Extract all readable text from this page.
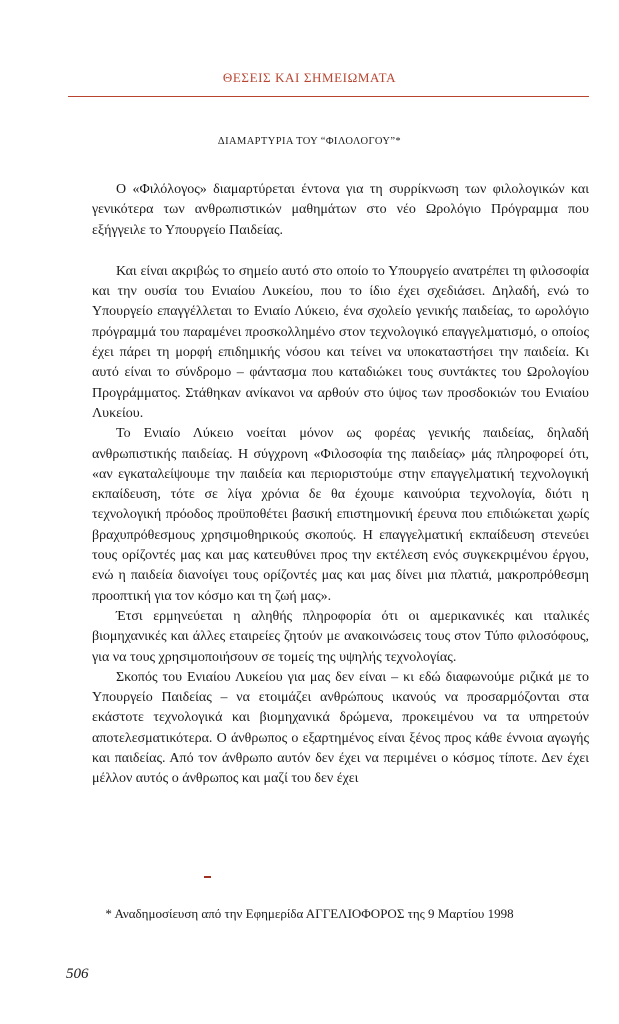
ΘΕΣΕΙΣ ΚΑΙ ΣΗΜΕΙΩΜΑΤΑ
ΔΙΑΜΑΡΤΥΡΙΑ ΤΟΥ “ΦΙΛΟΛΟΓΟΥ”*

Ο «Φιλόλογος» διαμαρτύρεται έντονα για τη συρρίκνωση των φιλολογικών και γενικότερα των ανθρωπιστικών μαθημάτων στο νέο Ωρολόγιο Πρόγραμμα που εξήγγειλε το Υπουργείο Παιδείας.

Και είναι ακριβώς το σημείο αυτό στο οποίο το Υπουργείο ανατρέπει τη φιλοσοφία και την ουσία του Ενιαίου Λυκείου, που το ίδιο έχει σχεδιάσει. Δηλαδή, ενώ το Υπουργείο επαγγέλλεται το Ενιαίο Λύκειο, ένα σχολείο γενικής παιδείας, το ωρολόγιο πρόγραμμά του παραμένει προσκολλημένο στον τεχνολογικό επαγγελματισμό, ο οποίος έχει πάρει τη μορφή επιδημικής νόσου και τείνει να υποκαταστήσει την παιδεία. Κι αυτό είναι το σύνδρομο – φάντασμα που καταδιώκει τους συντάκτες του Ωρολογίου Προγράμματος. Στάθηκαν ανίκανοι να αρθούν στο ύψος των προσδοκιών του Ενιαίου Λυκείου.

Το Ενιαίο Λύκειο νοείται μόνον ως φορέας γενικής παιδείας, δηλαδή ανθρωπιστικής παιδείας. Η σύγχρονη «Φιλοσοφία της παιδείας» μάς πληροφορεί ότι, «αν εγκαταλείψουμε την παιδεία και περιοριστούμε στην επαγγελματική τεχνολογική εκπαίδευση, τότε σε λίγα χρόνια δε θα έχουμε καινούρια τεχνολογία, διότι η τεχνολογική πρόοδος προϋποθέτει βασική επιστημονική έρευνα που επιδιώκεται χωρίς βραχυπρόθεσμους χρησιμοθηρικούς σκοπούς. Η επαγγελματική εκπαίδευση στενεύει τους ορίζοντές μας και μας κατευθύνει προς την εκτέλεση ενός συγκεκριμένου έργου, ενώ η παιδεία διανοίγει τους ορίζοντές μας και μας δίνει μια πλατιά, μακροπρόθεσμη προοπτική για τον κόσμο και τη ζωή μας».

Έτσι ερμηνεύεται η αληθής πληροφορία ότι οι αμερικανικές και ιταλικές βιομηχανικές και άλλες εταιρείες ζητούν με ανακοινώσεις τους στον Τύπο φιλοσόφους, για να τους χρησιμοποιήσουν σε τομείς της υψηλής τεχνολογίας.

Σκοπός του Ενιαίου Λυκείου για μας δεν είναι – κι εδώ διαφωνούμε ριζικά με το Υπουργείο Παιδείας – να ετοιμάζει ανθρώπους ικανούς να προσαρμόζονται στα εκάστοτε τεχνολογικά και βιομηχανικά δρώμενα, προκειμένου να τα υπηρετούν αποτελεσματικότερα. Ο άνθρωπος ο εξαρτημένος είναι ξένος προς κάθε έννοια αγωγής και παιδείας. Από τον άνθρωπο αυτόν δεν έχει να περιμένει ο κόσμος τίποτε. Δεν έχει μέλλον αυτός ο άνθρωπος και μαζί του δεν έχει

* Αναδημοσίευση από την Εφημερίδα ΑΓΓΕΛΙΟΦΟΡΟΣ της 9 Μαρτίου 1998
506
